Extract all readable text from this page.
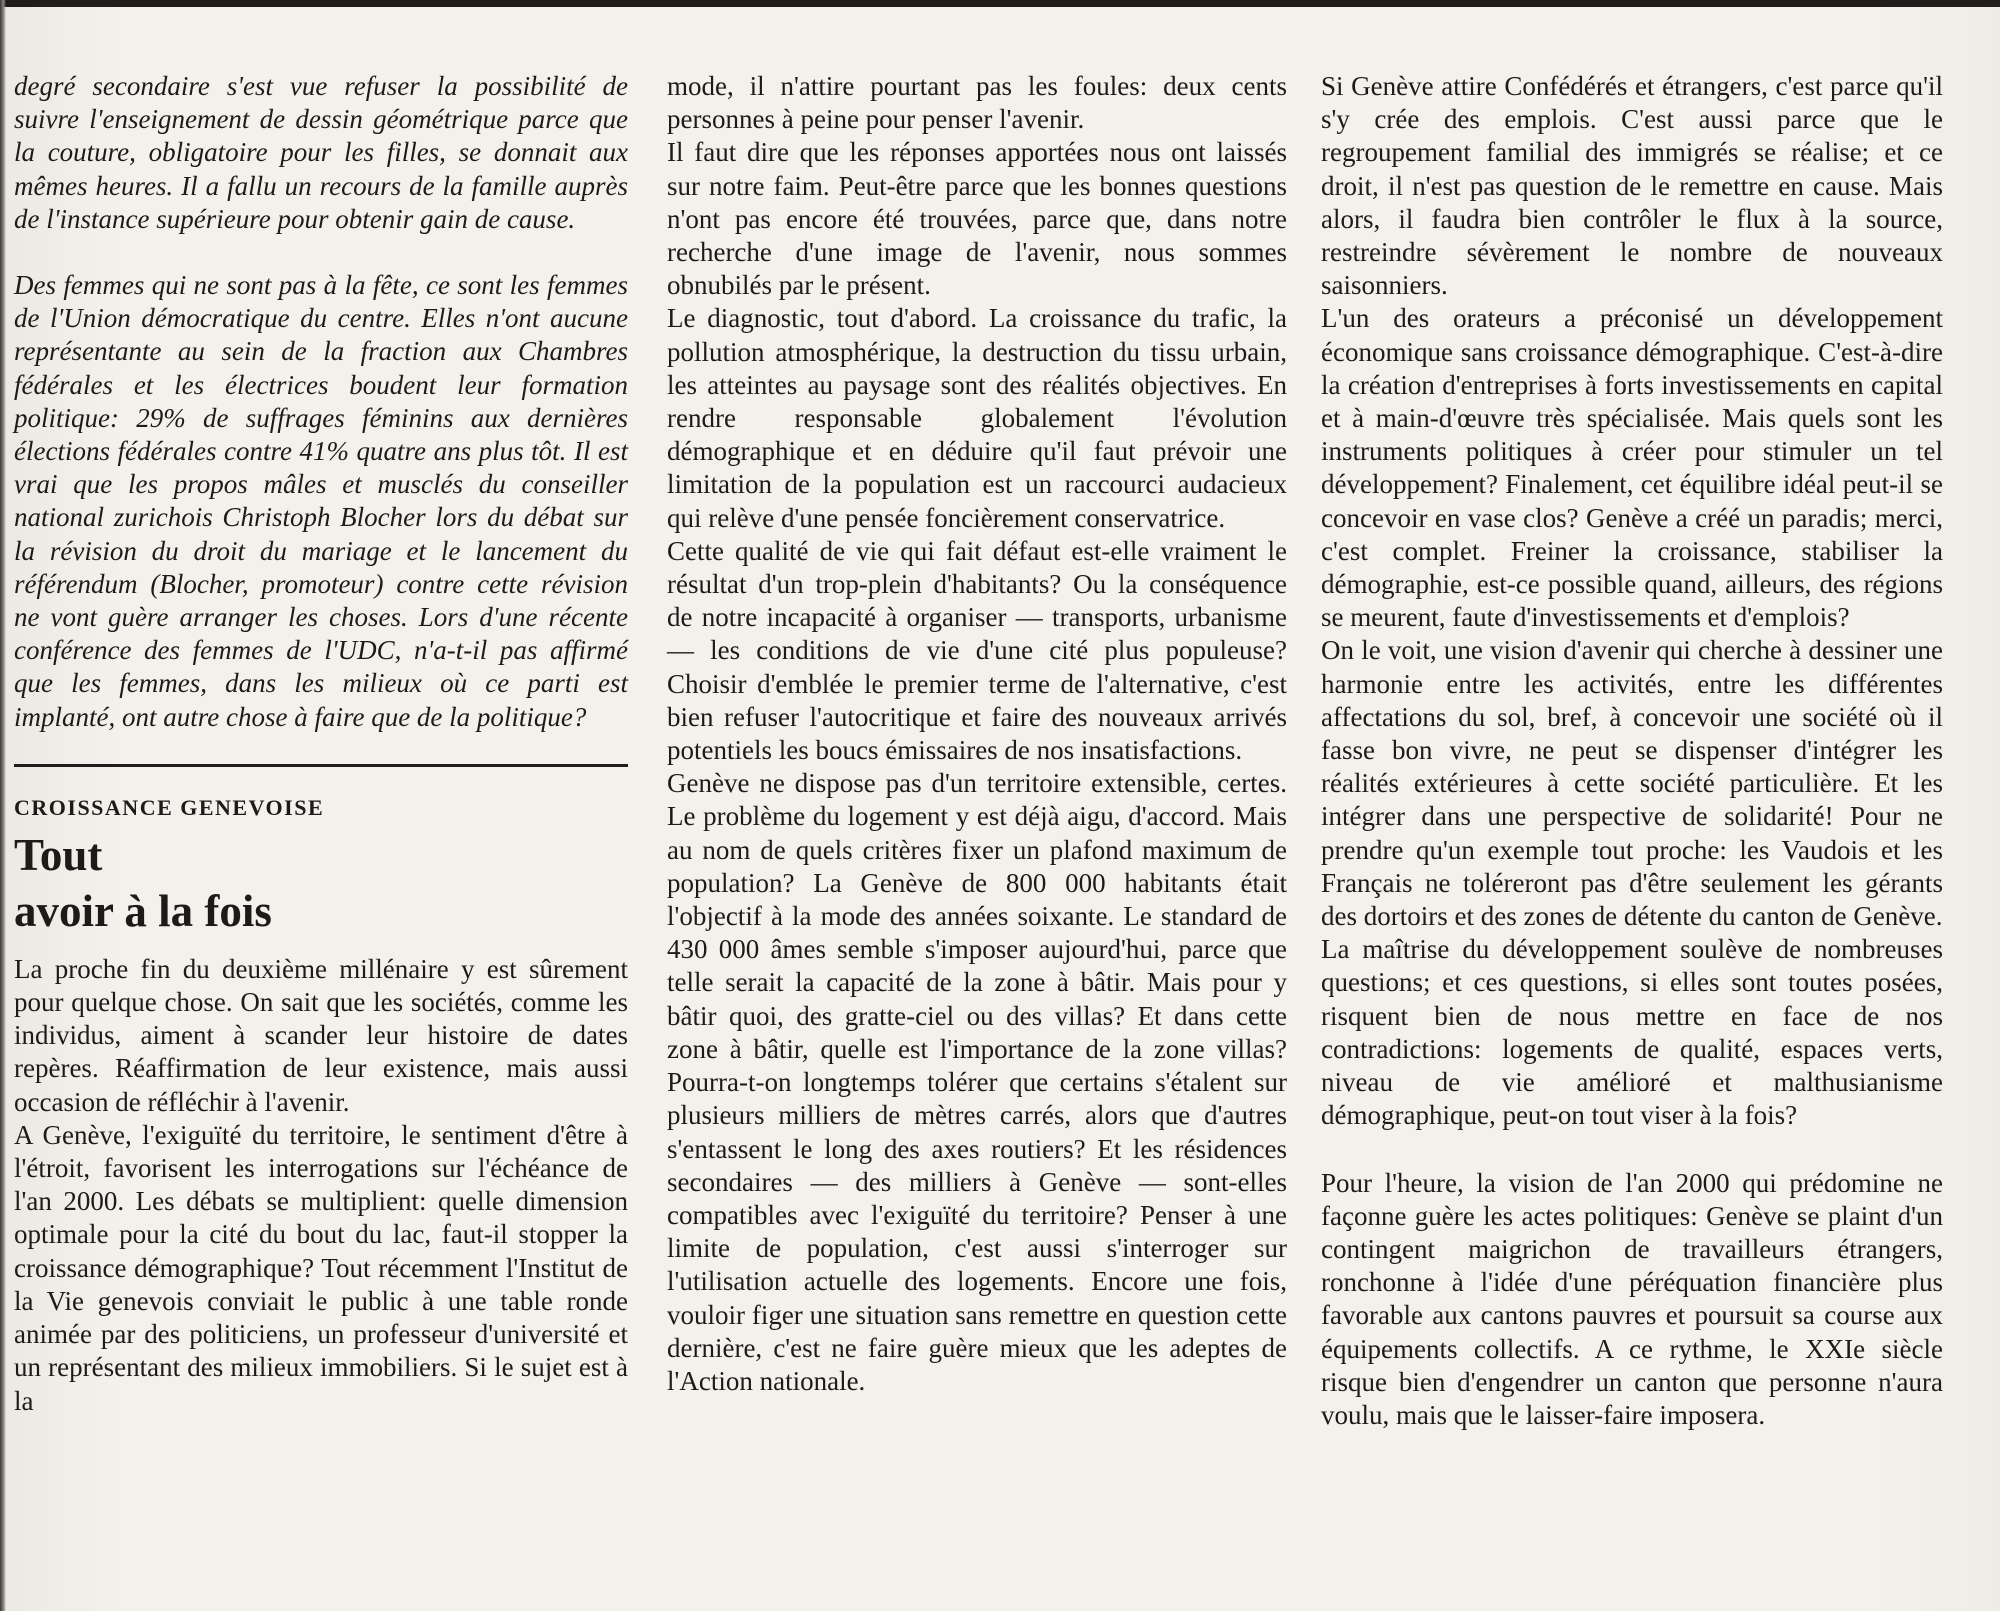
degré secondaire s'est vue refuser la possibilité de suivre l'enseignement de dessin géométrique parce que la couture, obligatoire pour les filles, se donnait aux mêmes heures. Il a fallu un recours de la famille auprès de l'instance supérieure pour obtenir gain de cause.

Des femmes qui ne sont pas à la fête, ce sont les femmes de l'Union démocratique du centre. Elles n'ont aucune représentante au sein de la fraction aux Chambres fédérales et les électrices boudent leur formation politique: 29% de suffrages féminins aux dernières élections fédérales contre 41% quatre ans plus tôt. Il est vrai que les propos mâles et musclés du conseiller national zurichois Christoph Blocher lors du débat sur la révision du droit du mariage et le lancement du référendum (Blocher, promoteur) contre cette révision ne vont guère arranger les choses. Lors d'une récente conférence des femmes de l'UDC, n'a-t-il pas affirmé que les femmes, dans les milieux où ce parti est implanté, ont autre chose à faire que de la politique?

CROISSANCE GENEVOISE
Tout
avoir à la fois

La proche fin du deuxième millénaire y est sûrement pour quelque chose. On sait que les sociétés, comme les individus, aiment à scander leur histoire de dates repères. Réaffirmation de leur existence, mais aussi occasion de réfléchir à l'avenir.

A Genève, l'exiguïté du territoire, le sentiment d'être à l'étroit, favorisent les interrogations sur l'échéance de l'an 2000. Les débats se multiplient: quelle dimension optimale pour la cité du bout du lac, faut-il stopper la croissance démographique? Tout récemment l'Institut de la Vie genevois conviait le public à une table ronde animée par des politiciens, un professeur d'université et un représentant des milieux immobiliers. Si le sujet est à la

mode, il n'attire pourtant pas les foules: deux cents personnes à peine pour penser l'avenir.

Il faut dire que les réponses apportées nous ont laissés sur notre faim. Peut-être parce que les bonnes questions n'ont pas encore été trouvées, parce que, dans notre recherche d'une image de l'avenir, nous sommes obnubilés par le présent.

Le diagnostic, tout d'abord. La croissance du trafic, la pollution atmosphérique, la destruction du tissu urbain, les atteintes au paysage sont des réalités objectives. En rendre responsable globalement l'évolution démographique et en déduire qu'il faut prévoir une limitation de la population est un raccourci audacieux qui relève d'une pensée foncièrement conservatrice.

Cette qualité de vie qui fait défaut est-elle vraiment le résultat d'un trop-plein d'habitants? Ou la conséquence de notre incapacité à organiser — transports, urbanisme — les conditions de vie d'une cité plus populeuse? Choisir d'emblée le premier terme de l'alternative, c'est bien refuser l'autocritique et faire des nouveaux arrivés potentiels les boucs émissaires de nos insatisfactions.

Genève ne dispose pas d'un territoire extensible, certes. Le problème du logement y est déjà aigu, d'accord. Mais au nom de quels critères fixer un plafond maximum de population? La Genève de 800 000 habitants était l'objectif à la mode des années soixante. Le standard de 430 000 âmes semble s'imposer aujourd'hui, parce que telle serait la capacité de la zone à bâtir. Mais pour y bâtir quoi, des gratte-ciel ou des villas? Et dans cette zone à bâtir, quelle est l'importance de la zone villas? Pourra-t-on longtemps tolérer que certains s'étalent sur plusieurs milliers de mètres carrés, alors que d'autres s'entassent le long des axes routiers? Et les résidences secondaires — des milliers à Genève — sont-elles compatibles avec l'exiguïté du territoire? Penser à une limite de population, c'est aussi s'interroger sur l'utilisation actuelle des logements. Encore une fois, vouloir figer une situation sans remettre en question cette dernière, c'est ne faire guère mieux que les adeptes de l'Action nationale.

Si Genève attire Confédérés et étrangers, c'est parce qu'il s'y crée des emplois. C'est aussi parce que le regroupement familial des immigrés se réalise; et ce droit, il n'est pas question de le remettre en cause. Mais alors, il faudra bien contrôler le flux à la source, restreindre sévèrement le nombre de nouveaux saisonniers.

L'un des orateurs a préconisé un développement économique sans croissance démographique. C'est-à-dire la création d'entreprises à forts investissements en capital et à main-d'œuvre très spécialisée. Mais quels sont les instruments politiques à créer pour stimuler un tel développement? Finalement, cet équilibre idéal peut-il se concevoir en vase clos? Genève a créé un paradis; merci, c'est complet. Freiner la croissance, stabiliser la démographie, est-ce possible quand, ailleurs, des régions se meurent, faute d'investissements et d'emplois?

On le voit, une vision d'avenir qui cherche à dessiner une harmonie entre les activités, entre les différentes affectations du sol, bref, à concevoir une société où il fasse bon vivre, ne peut se dispenser d'intégrer les réalités extérieures à cette société particulière. Et les intégrer dans une perspective de solidarité! Pour ne prendre qu'un exemple tout proche: les Vaudois et les Français ne toléreront pas d'être seulement les gérants des dortoirs et des zones de détente du canton de Genève.

La maîtrise du développement soulève de nombreuses questions; et ces questions, si elles sont toutes posées, risquent bien de nous mettre en face de nos contradictions: logements de qualité, espaces verts, niveau de vie amélioré et malthusianisme démographique, peut-on tout viser à la fois?

Pour l'heure, la vision de l'an 2000 qui prédomine ne façonne guère les actes politiques: Genève se plaint d'un contingent maigrichon de travailleurs étrangers, ronchonne à l'idée d'une péréquation financière plus favorable aux cantons pauvres et poursuit sa course aux équipements collectifs. A ce rythme, le XXIe siècle risque bien d'engendrer un canton que personne n'aura voulu, mais que le laisser-faire imposera.
